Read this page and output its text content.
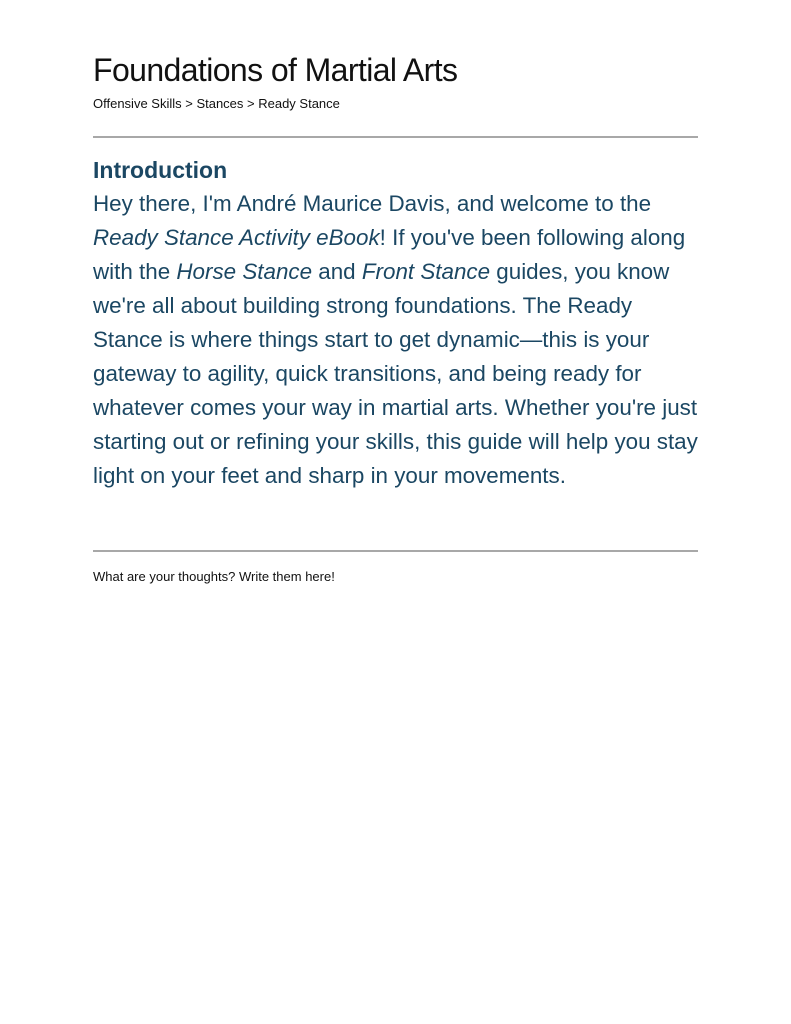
Foundations of Martial Arts
Offensive Skills > Stances > Ready Stance
Introduction

Hey there, I'm André Maurice Davis, and welcome to the Ready Stance Activity eBook! If you've been following along with the Horse Stance and Front Stance guides, you know we're all about building strong foundations. The Ready Stance is where things start to get dynamic—this is your gateway to agility, quick transitions, and being ready for whatever comes your way in martial arts. Whether you're just starting out or refining your skills, this guide will help you stay light on your feet and sharp in your movements.

What are your thoughts? Write them here!
